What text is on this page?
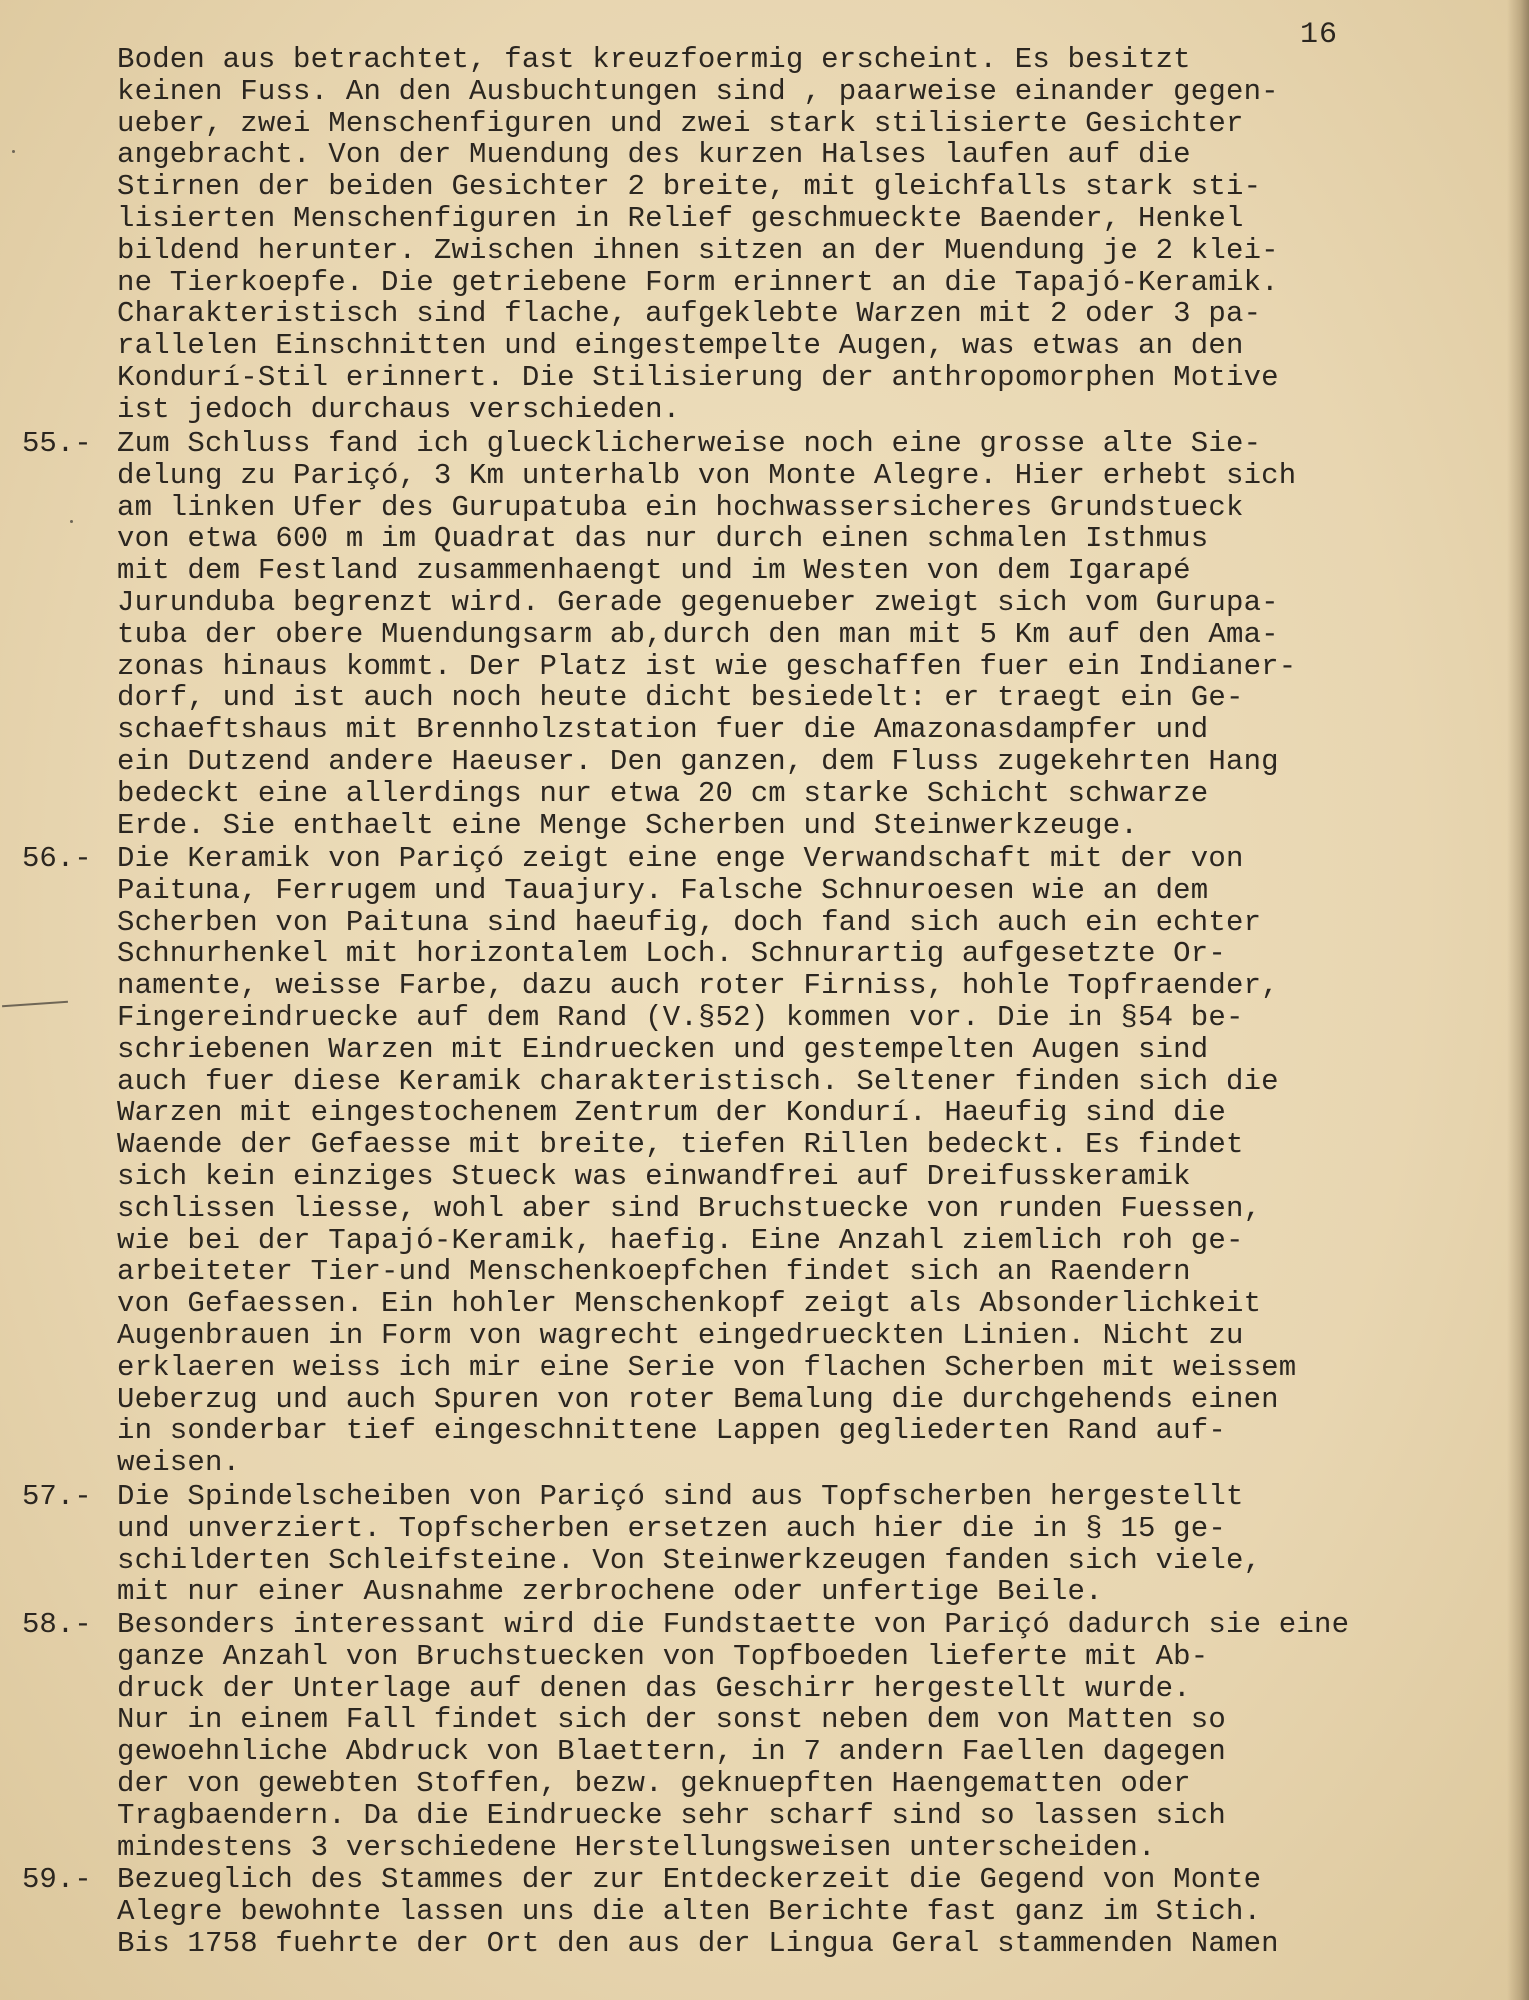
16
Boden aus betrachtet, fast kreuzfoermig erscheint. Es besitzt
keinen Fuss. An den Ausbuchtungen sind , paarweise einander gegen-
ueber, zwei Menschenfiguren und zwei stark stilisierte Gesichter
angebracht. Von der Muendung des kurzen Halses laufen auf die
Stirnen der beiden Gesichter 2 breite, mit gleichfalls stark sti-
lisierten Menschenfiguren in Relief geschmueckte Baender, Henkel
bildend herunter. Zwischen ihnen sitzen an der Muendung je 2 klei-
ne Tierkoepfe. Die getriebene Form erinnert an die Tapajó-Keramik.
Charakteristisch sind flache, aufgeklebte Warzen mit 2 oder 3 pa-
rallelen Einschnitten und eingestempelte Augen, was etwas an den
Kondurí-Stil erinnert. Die Stilisierung der anthropomorphen Motive
ist jedoch durchaus verschieden.
55.- Zum Schluss fand ich gluecklicherweise noch eine grosse alte Sie-
delung zu Pariçó, 3 Km unterhalb von Monte Alegre. Hier erhebt sich
am linken Ufer des Gurupatuba ein hochwassersicheres Grundstueck
von etwa 600 m im Quadrat das nur durch einen schmalen Isthmus
mit dem Festland zusammenhaengt und im Westen von dem Igarapé
Jurunduba begrenzt wird. Gerade gegenueber zweigt sich vom Gurupa-
tuba der obere Muendungsarm ab,durch den man mit 5 Km auf den Ama-
zonas hinaus kommt. Der Platz ist wie geschaffen fuer ein Indianer-
dorf, und ist auch noch heute dicht besiedelt: er traegt ein Ge-
schaeftshaus mit Brennholzstation fuer die Amazonasdampfer und
ein Dutzend andere Haeuser. Den ganzen, dem Fluss zugekehrten Hang
bedeckt eine allerdings nur etwa 20 cm starke Schicht schwarze
Erde. Sie enthaelt eine Menge Scherben und Steinwerkzeuge.
56.- Die Keramik von Pariçó zeigt eine enge Verwandschaft mit der von
Paituna, Ferrugem und Tauajury. Falsche Schnuroesen wie an dem
Scherben von Paituna sind haeufig, doch fand sich auch ein echter
Schnurhenkel mit horizontalem Loch. Schnurartig aufgesetzte Or-
namente, weisse Farbe, dazu auch roter Firniss, hohle Topfraender,
Fingereindruecke auf dem Rand (V.§52) kommen vor. Die in §54 be-
schriebenen Warzen mit Eindruecken und gestempelten Augen sind
auch fuer diese Keramik charakteristisch. Seltener finden sich die
Warzen mit eingestochenem Zentrum der Kondurí. Haeufig sind die
Waende der Gefaesse mit breite, tiefen Rillen bedeckt. Es findet
sich kein einziges Stueck was einwandfrei auf Dreifusskeramik
schlissen liesse, wohl aber sind Bruchstuecke von runden Fuessen,
wie bei der Tapajó-Keramik, haefig. Eine Anzahl ziemlich roh ge-
arbeiteter Tier-und Menschenkoepfchen findet sich an Raendern
von Gefaessen. Ein hohler Menschenkopf zeigt als Absonderlichkeit
Augenbrauen in Form von wagrecht eingedrueckten Linien. Nicht zu
erklaeren weiss ich mir eine Serie von flachen Scherben mit weissem
Ueberzug und auch Spuren von roter Bemalung die durchgehends einen
in sonderbar tief eingeschnittene Lappen gegliederten Rand auf-
weisen.
57.- Die Spindelscheiben von Pariçó sind aus Topfscherben hergestellt
und unverziert. Topfscherben ersetzen auch hier die in § 15 ge-
schilderten Schleifsteine. Von Steinwerkzeugen fanden sich viele,
mit nur einer Ausnahme zerbrochene oder unfertige Beile.
58.- Besonders interessant wird die Fundstaette von Pariçó dadurch sie eine
ganze Anzahl von Bruchstuecken von Topfboeden lieferte mit Ab-
druck der Unterlage auf denen das Geschirr hergestellt wurde.
Nur in einem Fall findet sich der sonst neben dem von Matten so
gewoehnliche Abdruck von Blaettern, in 7 andern Faellen dagegen
der von gewebten Stoffen, bezw. geknuepften Haengematten oder
Tragbaendern. Da die Eindruecke sehr scharf sind so lassen sich
mindestens 3 verschiedene Herstellungsweisen unterscheiden.
59.- Bezueglich des Stammes der zur Entdeckerzeit die Gegend von Monte
Alegre bewohnte lassen uns die alten Berichte fast ganz im Stich.
Bis 1758 fuehrte der Ort den aus der Lingua Geral stammenden Namen
